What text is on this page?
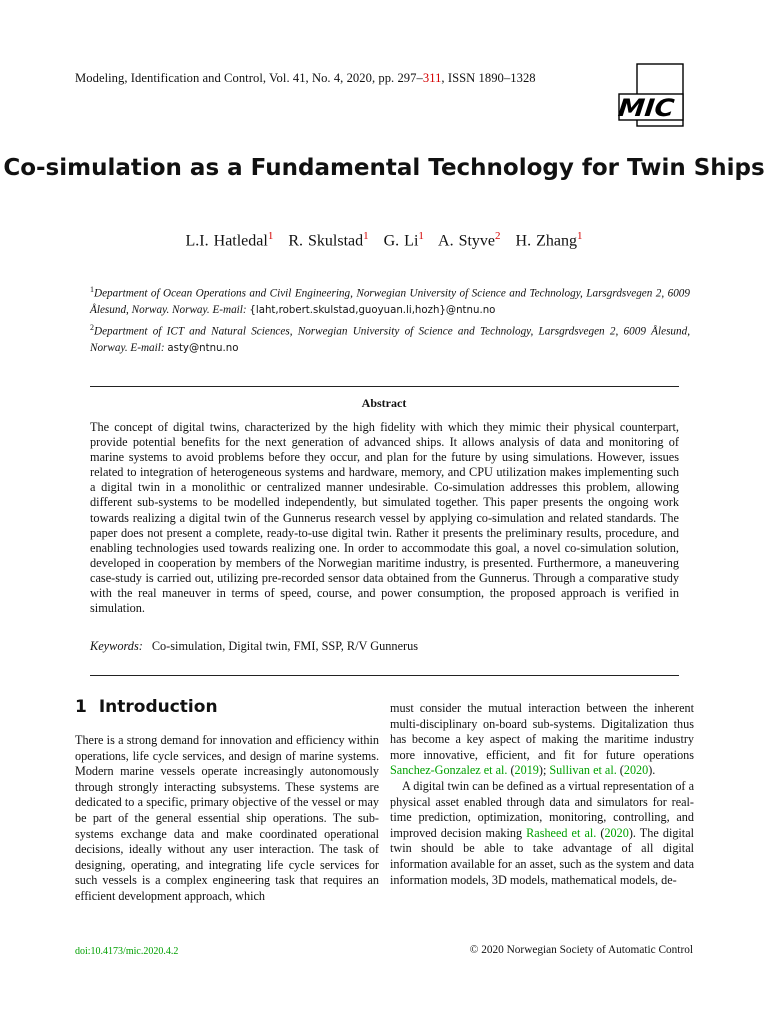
Modeling, Identification and Control, Vol. 41, No. 4, 2020, pp. 297–311, ISSN 1890–1328
MIC
Co-simulation as a Fundamental Technology for Twin Ships
L.I. Hatledal$^1$ R. Skulstad$^1$ G. Li$^1$ A. Styve$^2$ H. Zhang$^1$
$^1$Department of Ocean Operations and Civil Engineering, Norwegian University of Science and Technology, Larsgrdsvegen 2, 6009 Ålesund, Norway. Norway. E-mail: {laht,robert.skulstad,guoyuan.li,hozh}@ntnu.no
$^2$Department of ICT and Natural Sciences, Norwegian University of Science and Technology, Larsgrdsvegen 2, 6009 Ålesund, Norway. E-mail: asty@ntnu.no
Abstract
The concept of digital twins, characterized by the high fidelity with which they mimic their physical counterpart, provide potential benefits for the next generation of advanced ships. It allows analysis of data and monitoring of marine systems to avoid problems before they occur, and plan for the future by using simulations. However, issues related to integration of heterogeneous systems and hardware, memory, and CPU utilization makes implementing such a digital twin in a monolithic or centralized manner undesirable. Co-simulation addresses this problem, allowing different sub-systems to be modelled independently, but simulated together. This paper presents the ongoing work towards realizing a digital twin of the Gunnerus research vessel by applying co-simulation and related standards. The paper does not present a complete, ready-to-use digital twin. Rather it presents the preliminary results, procedure, and enabling technologies used towards realizing one. In order to accommodate this goal, a novel co-simulation solution, developed in cooperation by members of the Norwegian maritime industry, is presented. Furthermore, a maneuvering case-study is carried out, utilizing pre-recorded sensor data obtained from the Gunnerus. Through a comparative study with the real maneuver in terms of speed, course, and power consumption, the proposed approach is verified in simulation.
Keywords: Co-simulation, Digital twin, FMI, SSP, R/V Gunnerus
1 Introduction

There is a strong demand for innovation and efficiency within operations, life cycle services, and design of marine systems. Modern marine vessels operate increasingly autonomously through strongly interacting subsystems. These systems are dedicated to a specific, primary objective of the vessel or may be part of the general essential ship operations. The sub-systems exchange data and make coordinated operational decisions, ideally without any user interaction. The task of designing, operating, and integrating life cycle services for such vessels is a complex engineering task that requires an efficient development approach, which

must consider the mutual interaction between the inherent multi-disciplinary on-board sub-systems. Digitalization thus has become a key aspect of making the maritime industry more innovative, efficient, and fit for future operations Sanchez-Gonzalez et al. (2019); Sullivan et al. (2020).

A digital twin can be defined as a virtual representation of a physical asset enabled through data and simulators for real-time prediction, optimization, monitoring, controlling, and improved decision making Rasheed et al. (2020). The digital twin should be able to take advantage of all digital information available for an asset, such as the system and data information models, 3D models, mathematical models, de-

doi:10.4173/mic.2020.4.2	© 2020 Norwegian Society of Automatic Control
